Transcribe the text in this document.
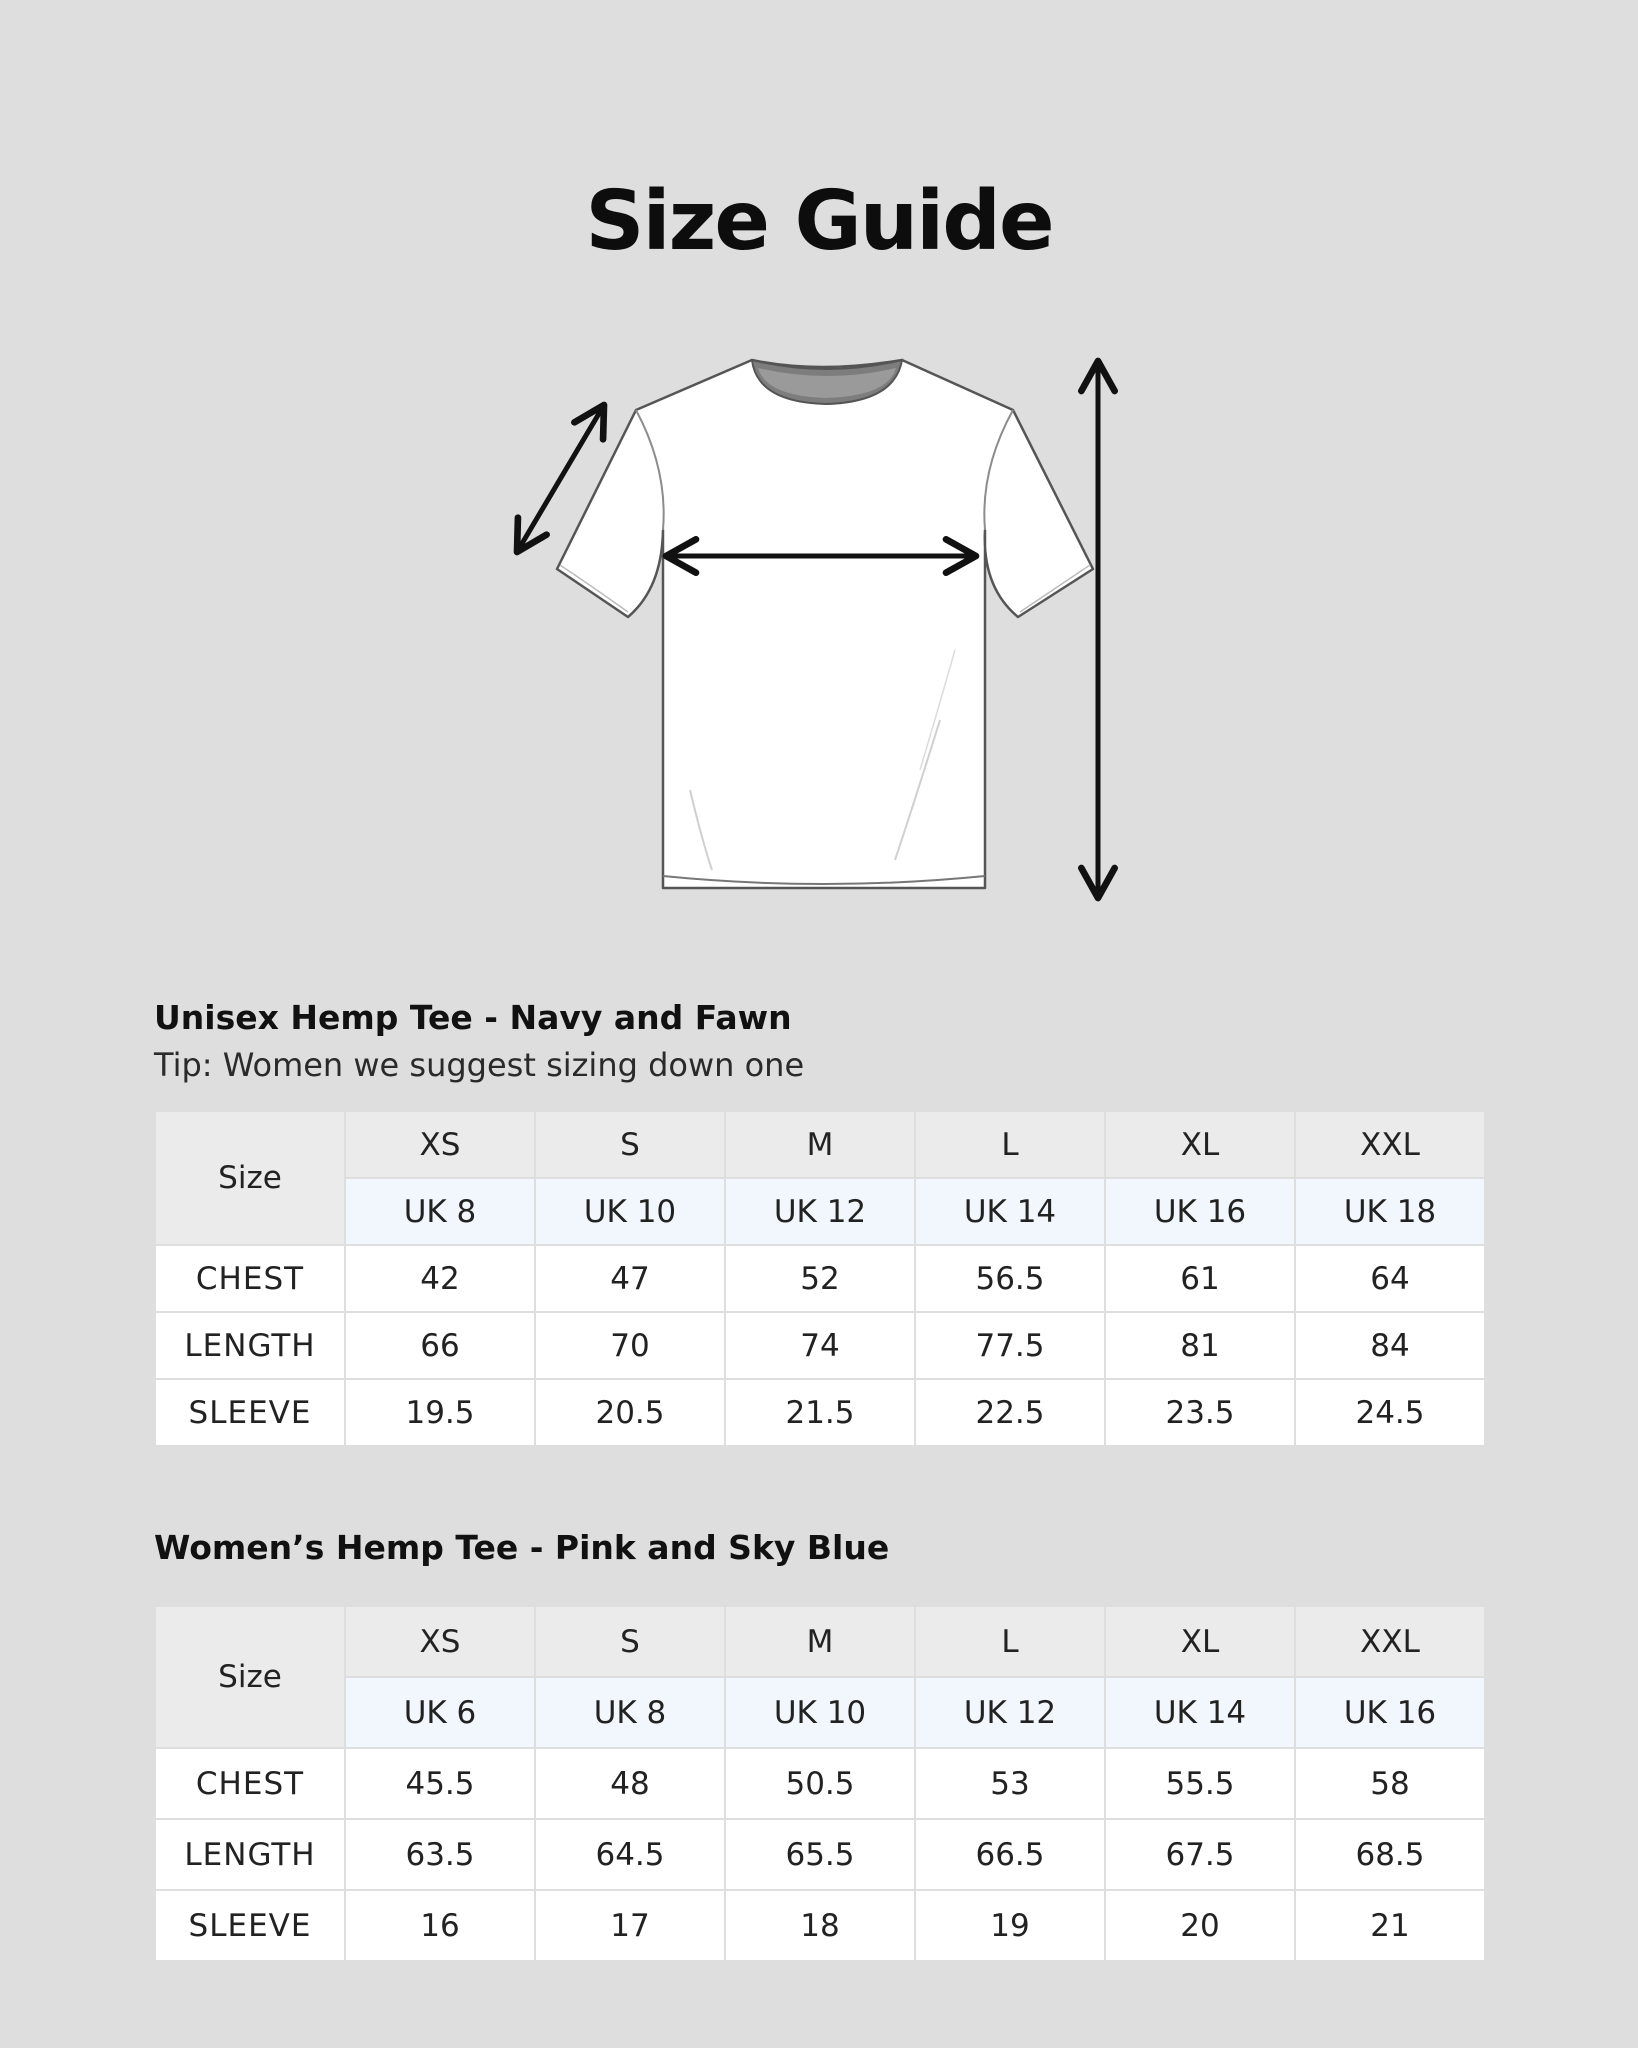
Size Guide
Unisex Hemp Tee - Navy and Fawn
Tip: Women we suggest sizing down one
Size	XS	S	M	L	XL	XXL
	UK 8	UK 10	UK 12	UK 14	UK 16	UK 18
CHEST	42	47	52	56.5	61	64
LENGTH	66	70	74	77.5	81	84
SLEEVE	19.5	20.5	21.5	22.5	23.5	24.5
Women’s Hemp Tee - Pink and Sky Blue
Size	XS	S	M	L	XL	XXL
	UK 6	UK 8	UK 10	UK 12	UK 14	UK 16
CHEST	45.5	48	50.5	53	55.5	58
LENGTH	63.5	64.5	65.5	66.5	67.5	68.5
SLEEVE	16	17	18	19	20	21
